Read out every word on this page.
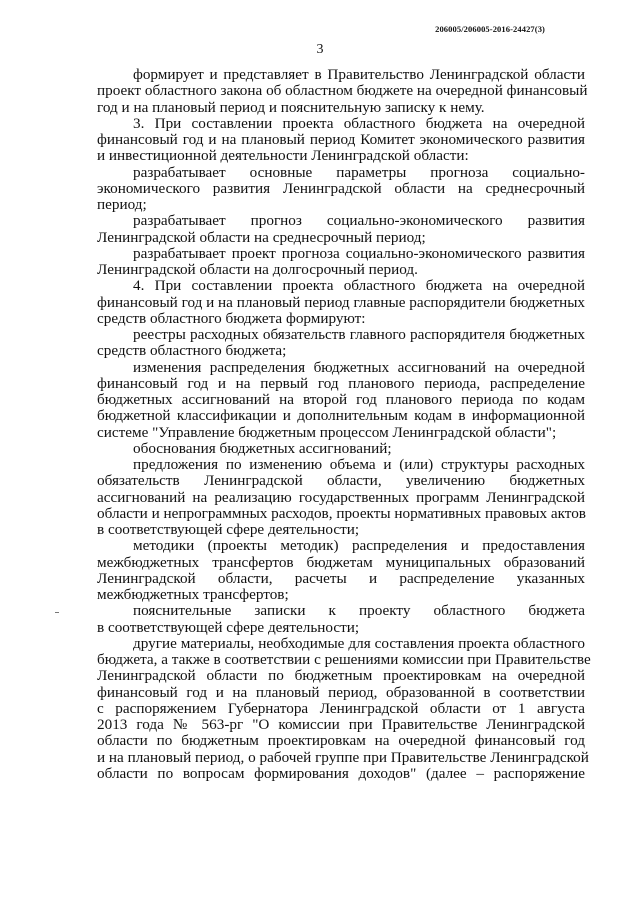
206005/206005-2016-24427(3)
3
формирует и представляет в Правительство Ленинградской области
проект областного закона об областном бюджете на очередной финансовый
год и на плановый период и пояснительную записку к нему.
3. При составлении проекта областного бюджета на очередной
финансовый год и на плановый период Комитет экономического развития
и инвестиционной деятельности Ленинградской области:
разрабатывает основные параметры прогноза социально-
экономического развития Ленинградской области на среднесрочный
период;
разрабатывает прогноз социально-экономического развития
Ленинградской области на среднесрочный период;
разрабатывает проект прогноза социально-экономического развития
Ленинградской области на долгосрочный период.
4. При составлении проекта областного бюджета на очередной
финансовый год и на плановый период главные распорядители бюджетных
средств областного бюджета формируют:
реестры расходных обязательств главного распорядителя бюджетных
средств областного бюджета;
изменения распределения бюджетных ассигнований на очередной
финансовый год и на первый год планового периода, распределение
бюджетных ассигнований на второй год планового периода по кодам
бюджетной классификации и дополнительным кодам в информационной
системе "Управление бюджетным процессом Ленинградской области";
обоснования бюджетных ассигнований;
предложения по изменению объема и (или) структуры расходных
обязательств Ленинградской области, увеличению бюджетных
ассигнований на реализацию государственных программ Ленинградской
области и непрограммных расходов, проекты нормативных правовых актов
в соответствующей сфере деятельности;
методики (проекты методик) распределения и предоставления
межбюджетных трансфертов бюджетам муниципальных образований
Ленинградской области, расчеты и распределение указанных
межбюджетных трансфертов;
пояснительные записки к проекту областного бюджета
в соответствующей сфере деятельности;
другие материалы, необходимые для составления проекта областного
бюджета, а также в соответствии с решениями комиссии при Правительстве
Ленинградской области по бюджетным проектировкам на очередной
финансовый год и на плановый период, образованной в соответствии
с распоряжением Губернатора Ленинградской области от 1 августа
2013 года № 563-рг "О комиссии при Правительстве Ленинградской
области по бюджетным проектировкам на очередной финансовый год
и на плановый период, о рабочей группе при Правительстве Ленинградской
области по вопросам формирования доходов" (далее – распоряжение
